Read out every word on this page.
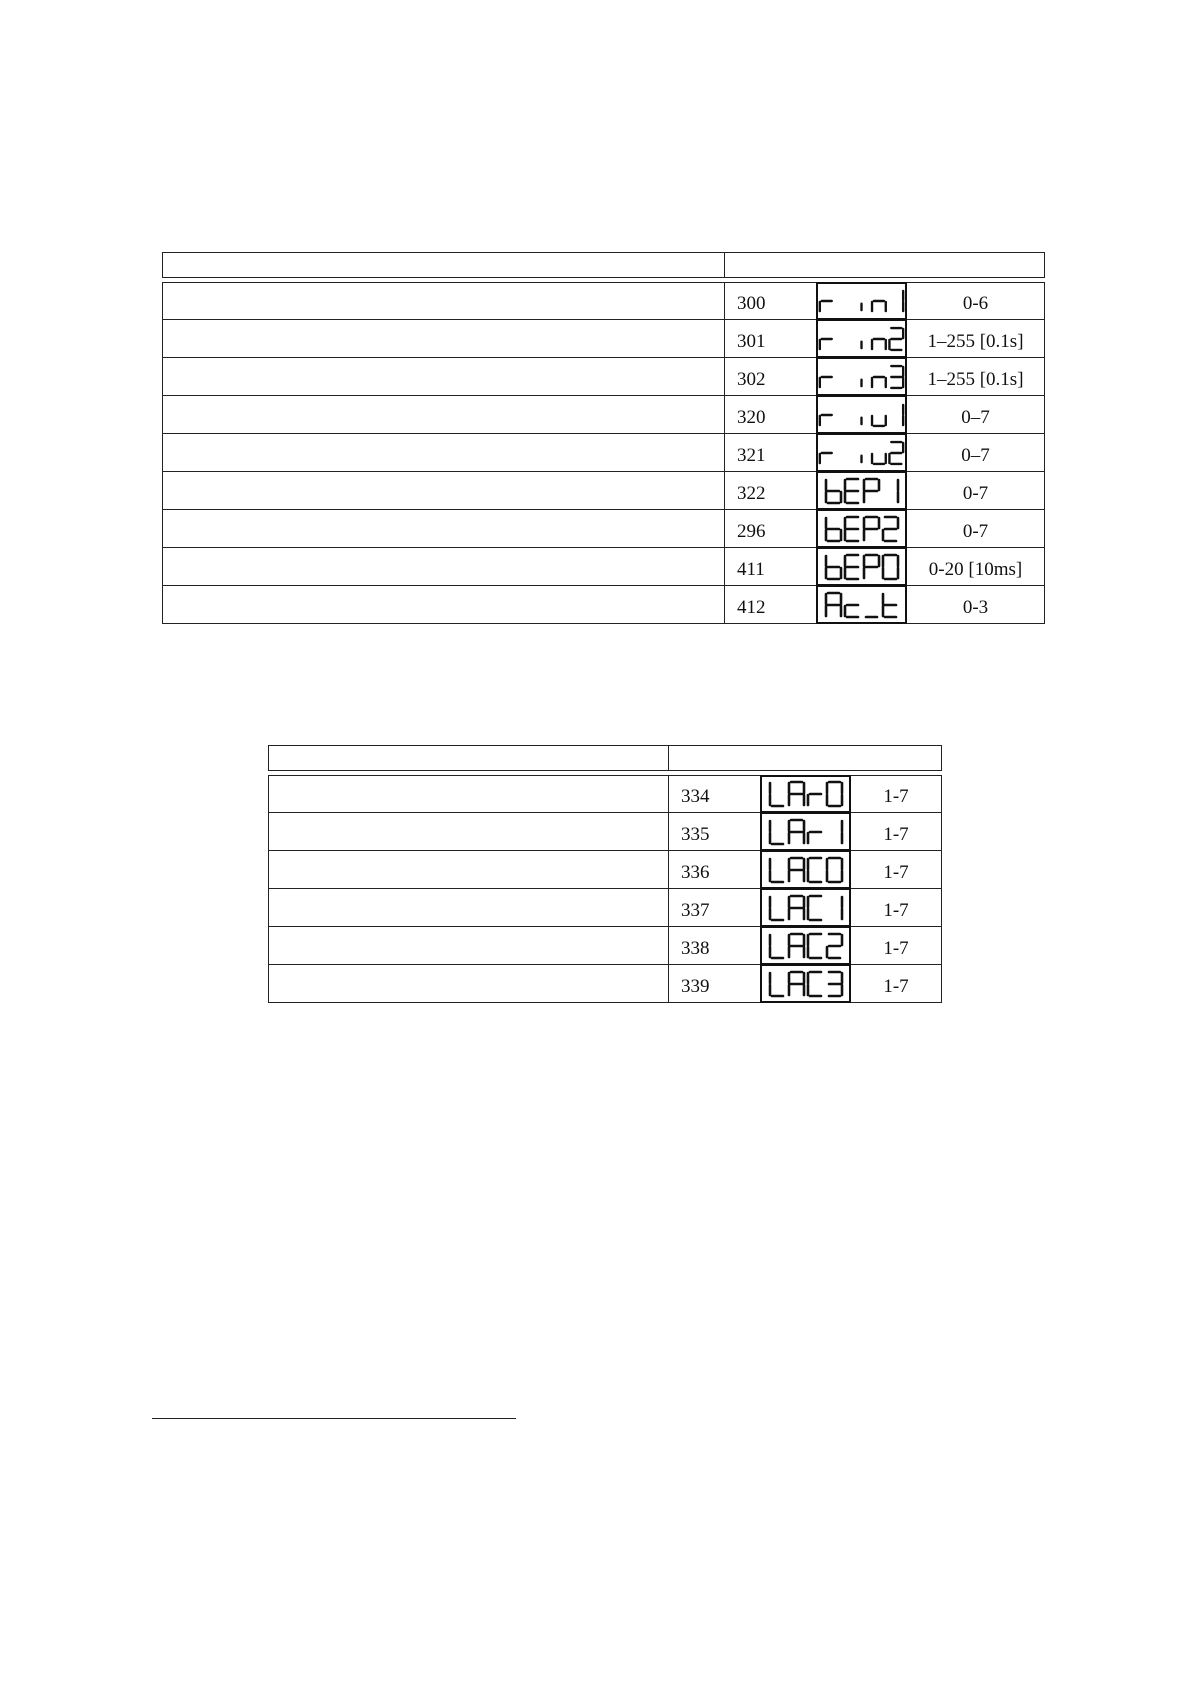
	300		0-6
	301		1–255 [0.1s]
	302		1–255 [0.1s]
	320		0–7
	321		0–7
	322		0-7
	296		0-7
	411		0-20 [10ms]
	412		0-3

	334		1-7
	335		1-7
	336		1-7
	337		1-7
	338		1-7
	339		1-7
